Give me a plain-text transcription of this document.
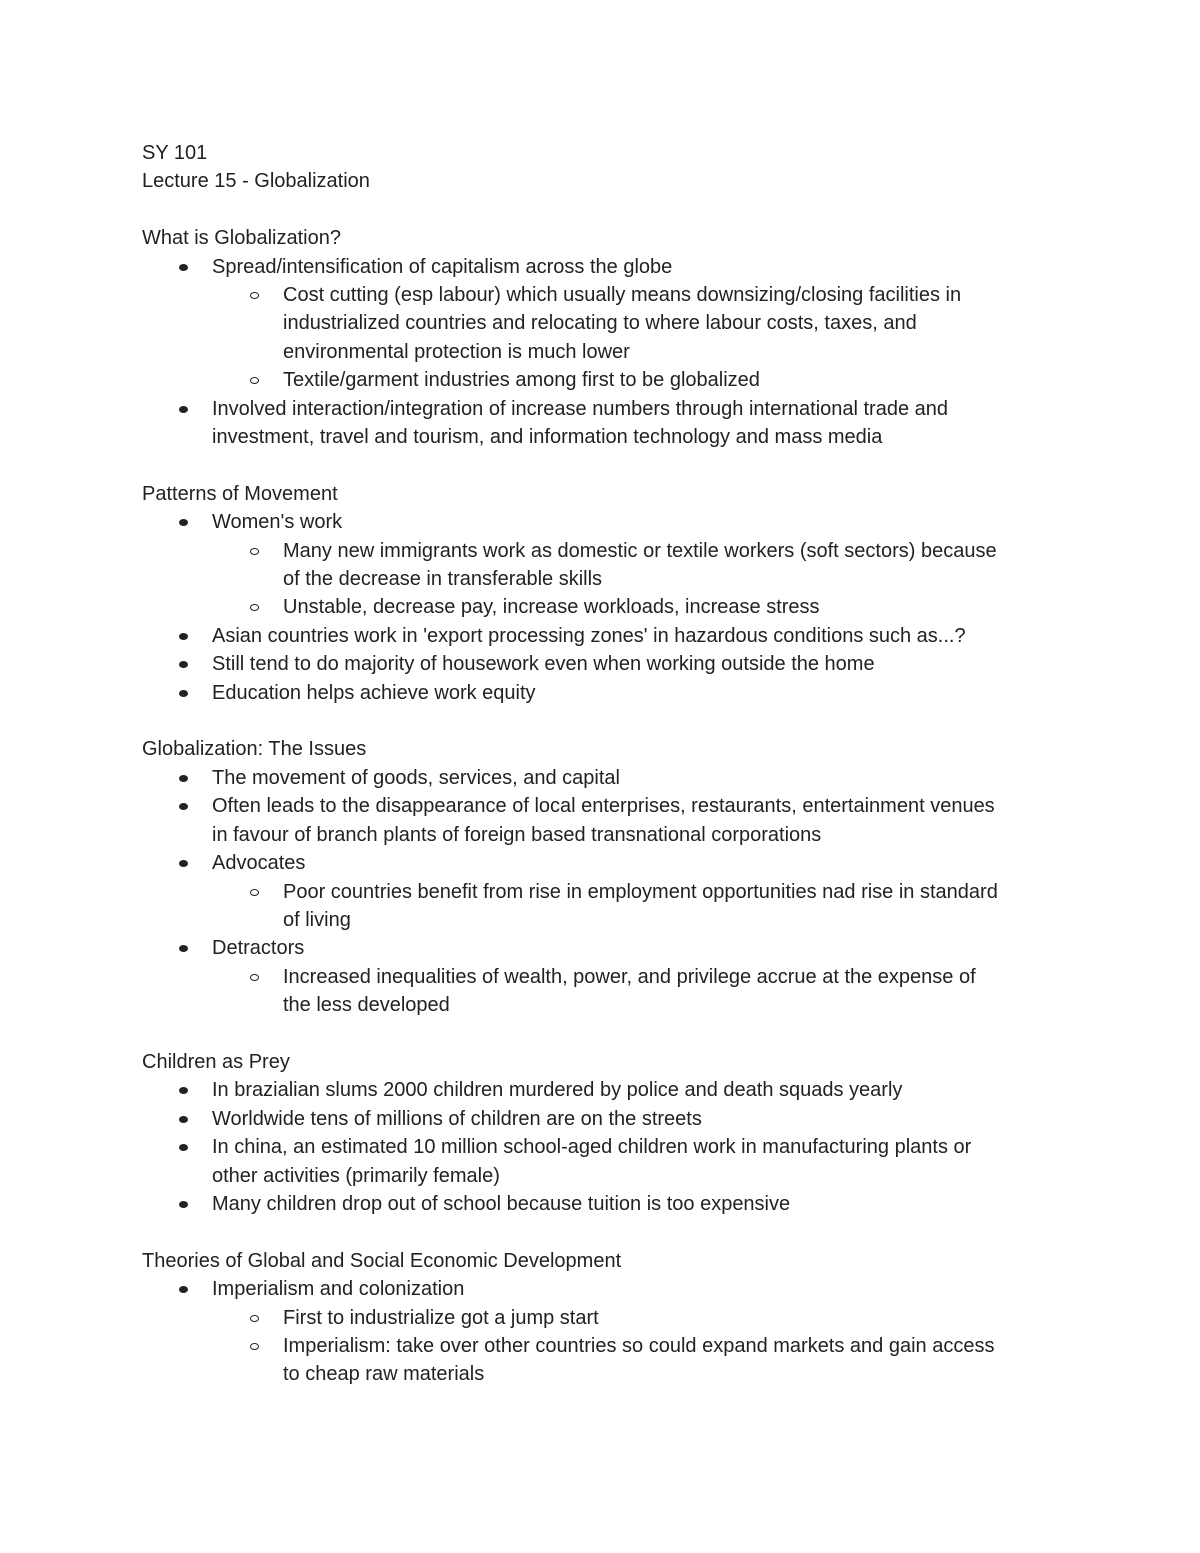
SY 101

Lecture 15 - Globalization

What is Globalization?

Spread/intensification of capitalism across the globe
Cost cutting (esp labour) which usually means downsizing/closing facilities in
industrialized countries and relocating to where labour costs, taxes, and
environmental protection is much lower
Textile/garment industries among first to be globalized
Involved interaction/integration of increase numbers through international trade and
investment, travel and tourism, and information technology and mass media

Patterns of Movement

Women's work
Many new immigrants work as domestic or textile workers (soft sectors) because
of the decrease in transferable skills
Unstable, decrease pay, increase workloads, increase stress
Asian countries work in 'export processing zones' in hazardous conditions such as...?
Still tend to do majority of housework even when working outside the home
Education helps achieve work equity

Globalization: The Issues

The movement of goods, services, and capital
Often leads to the disappearance of local enterprises, restaurants, entertainment venues
in favour of branch plants of foreign based transnational corporations
Advocates
Poor countries benefit from rise in employment opportunities nad rise in standard
of living
Detractors
Increased inequalities of wealth, power, and privilege accrue at the expense of
the less developed

Children as Prey

In brazialian slums 2000 children murdered by police and death squads yearly
Worldwide tens of millions of children are on the streets
In china, an estimated 10 million school-aged children work in manufacturing plants or
other activities (primarily female)
Many children drop out of school because tuition is too expensive

Theories of Global and Social Economic Development

Imperialism and colonization
First to industrialize got a jump start
Imperialism: take over other countries so could expand markets and gain access
to cheap raw materials
